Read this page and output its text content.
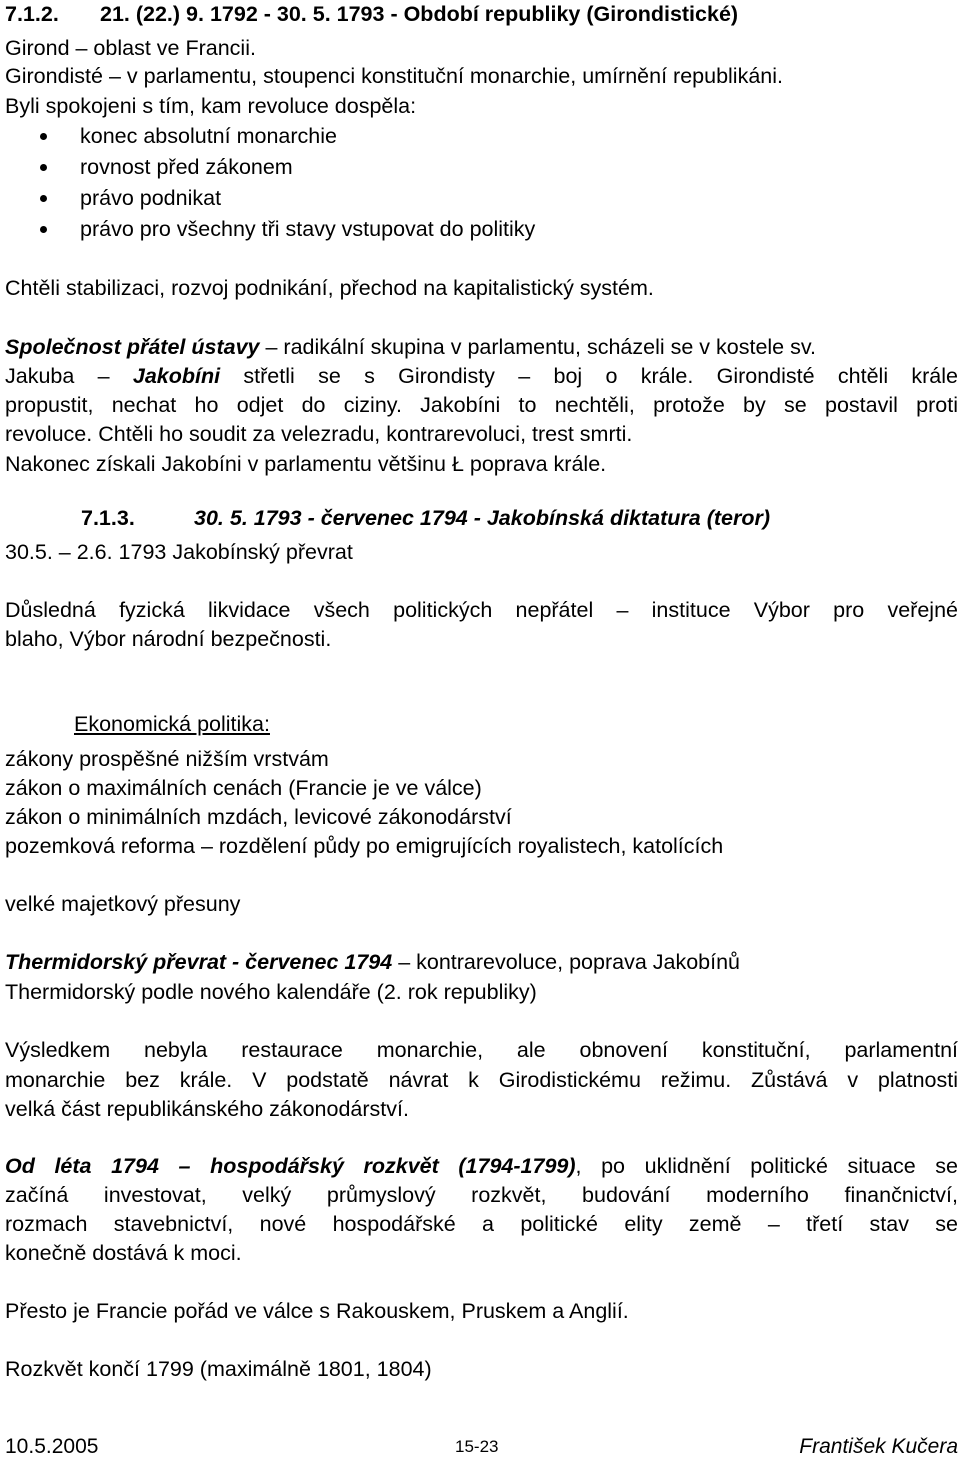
7.1.2. 21. (22.) 9. 1792 - 30. 5. 1793 - Období republiky (Girondistické)
Girond – oblast ve Francii.
Girondisté – v parlamentu, stoupenci konstituční monarchie, umírnění republikáni.
Byli spokojeni s tím, kam revoluce dospěla:
konec absolutní monarchie
rovnost před zákonem
právo podnikat
právo pro všechny tři stavy vstupovat do politiky
Chtěli stabilizaci, rozvoj podnikání, přechod na kapitalistický systém.
Společnost přátel ústavy – radikální skupina v parlamentu, scházeli se v kostele sv.
Jakuba – Jakobíni střetli se s Girondisty – boj o krále. Girondisté chtěli krále
propustit, nechat ho odjet do ciziny. Jakobíni to nechtěli, protože by se postavil proti
revoluce. Chtěli ho soudit za velezradu, kontrarevoluci, trest smrti.
Nakonec získali Jakobíni v parlamentu většinu Ł poprava krále.
7.1.3.	30. 5. 1793 - červenec 1794 - Jakobínská diktatura (teror)
30.5. – 2.6. 1793 Jakobínský převrat
Důsledná fyzická likvidace všech politických nepřátel – instituce Výbor pro veřejné
blaho, Výbor národní bezpečnosti.
Ekonomická politika:
zákony prospěšné nižším vrstvám
zákon o maximálních cenách (Francie je ve válce)
zákon o minimálních mzdách, levicové zákonodárství
pozemková reforma – rozdělení půdy po emigrujících royalistech, katolících
velké majetkový přesuny
Thermidorský převrat - červenec 1794 – kontrarevoluce, poprava Jakobínů
Thermidorský podle nového kalendáře (2. rok republiky)
Výsledkem nebyla restaurace monarchie, ale obnovení konstituční, parlamentní
monarchie bez krále. V podstatě návrat k Girodistickému režimu. Zůstává v platnosti
velká část republikánského zákonodárství.
Od léta 1794 – hospodářský rozkvět (1794-1799), po uklidnění politické situace se
začíná investovat, velký průmyslový rozkvět, budování moderního finančnictví,
rozmach stavebnictví, nové hospodářské a politické elity země – třetí stav se
konečně dostává k moci.
Přesto je Francie pořád ve válce s Rakouskem, Pruskem a Anglií.
Rozkvět končí 1799 (maximálně 1801, 1804)
10.5.2005	15-23	František Kučera
